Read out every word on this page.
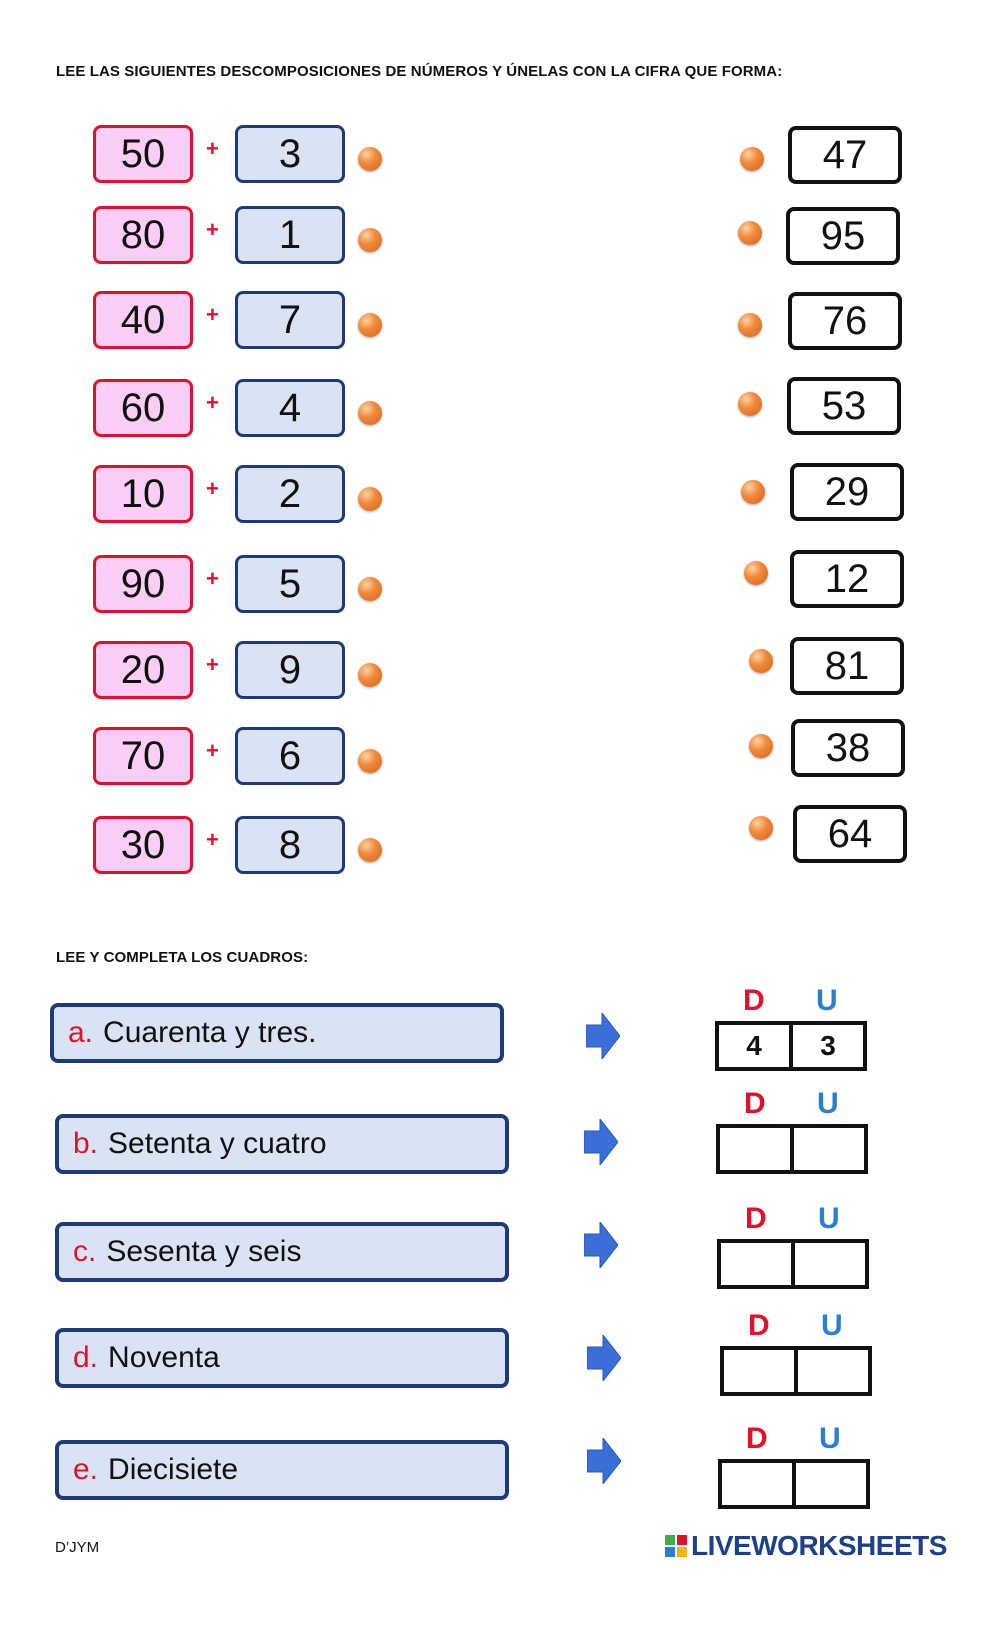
LEE LAS SIGUIENTES DESCOMPOSICIONES DE NÚMEROS Y ÚNELAS CON LA CIFRA QUE FORMA:
50	+	3	47
80	+	1	95
40	+	7	76
60	+	4	53
10	+	2	29
90	+	5	12
20	+	9	81
70	+	6	38
30	+	8	64
LEE Y COMPLETA LOS CUADROS:
a. Cuarenta y tres.
D U
4	3
b. Setenta y cuatro
D U
c. Sesenta y seis
D U
d. Noventa
D U
e. Diecisiete
D U
D’JYM	LIVEWORKSHEETS
